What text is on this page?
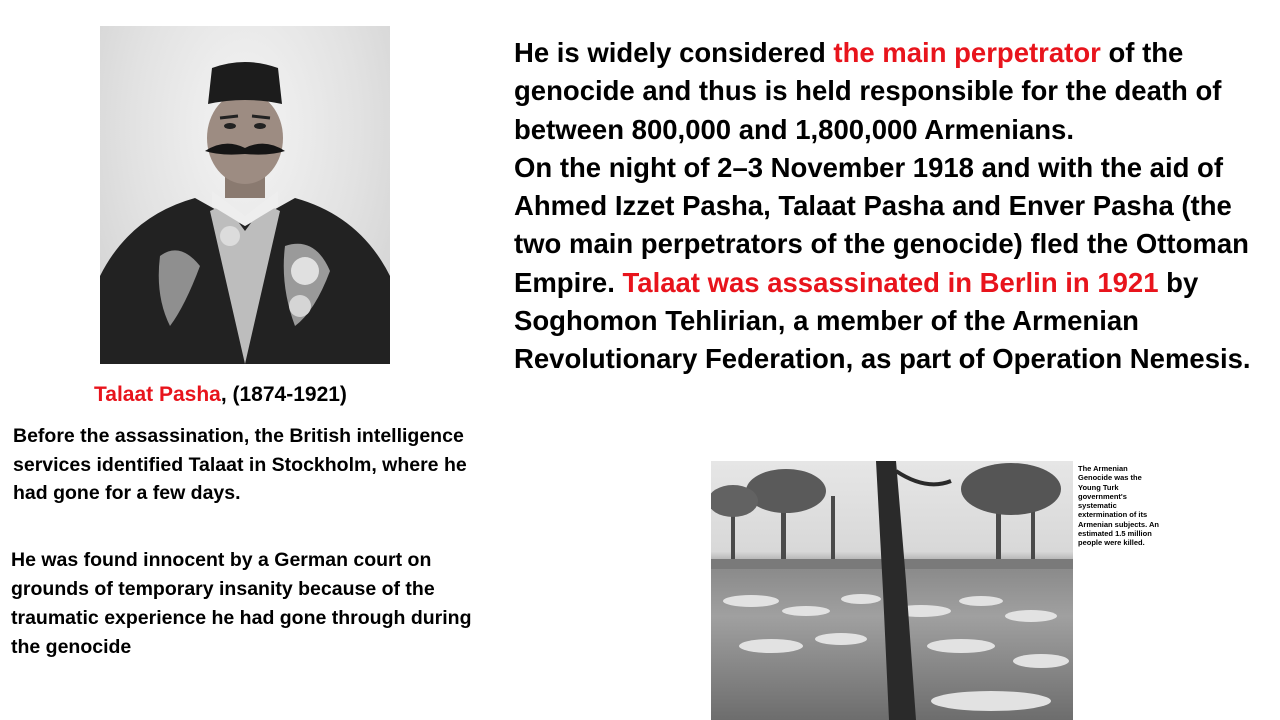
Talaat Pasha, (1874-1921)
Before the assassination, the British intelligence services identified Talaat in Stockholm, where he had gone for a few days.
He was found innocent by a German court on grounds of temporary insanity because of the traumatic experience he had gone through during the genocide

He is widely considered the main perpetrator of the genocide and thus is held responsible for the death of between 800,000 and 1,800,000 Armenians.

On the night of 2–3 November 1918 and with the aid of Ahmed Izzet Pasha, Talaat Pasha and Enver Pasha (the two main perpetrators of the genocide) fled the Ottoman Empire. Talaat was assassinated in Berlin in 1921 by Soghomon Tehlirian, a member of the Armenian Revolutionary Federation, as part of Operation Nemesis.

The Armenian Genocide was the Young Turk government's systematic extermination of its Armenian subjects. An estimated 1.5 million people were killed.
